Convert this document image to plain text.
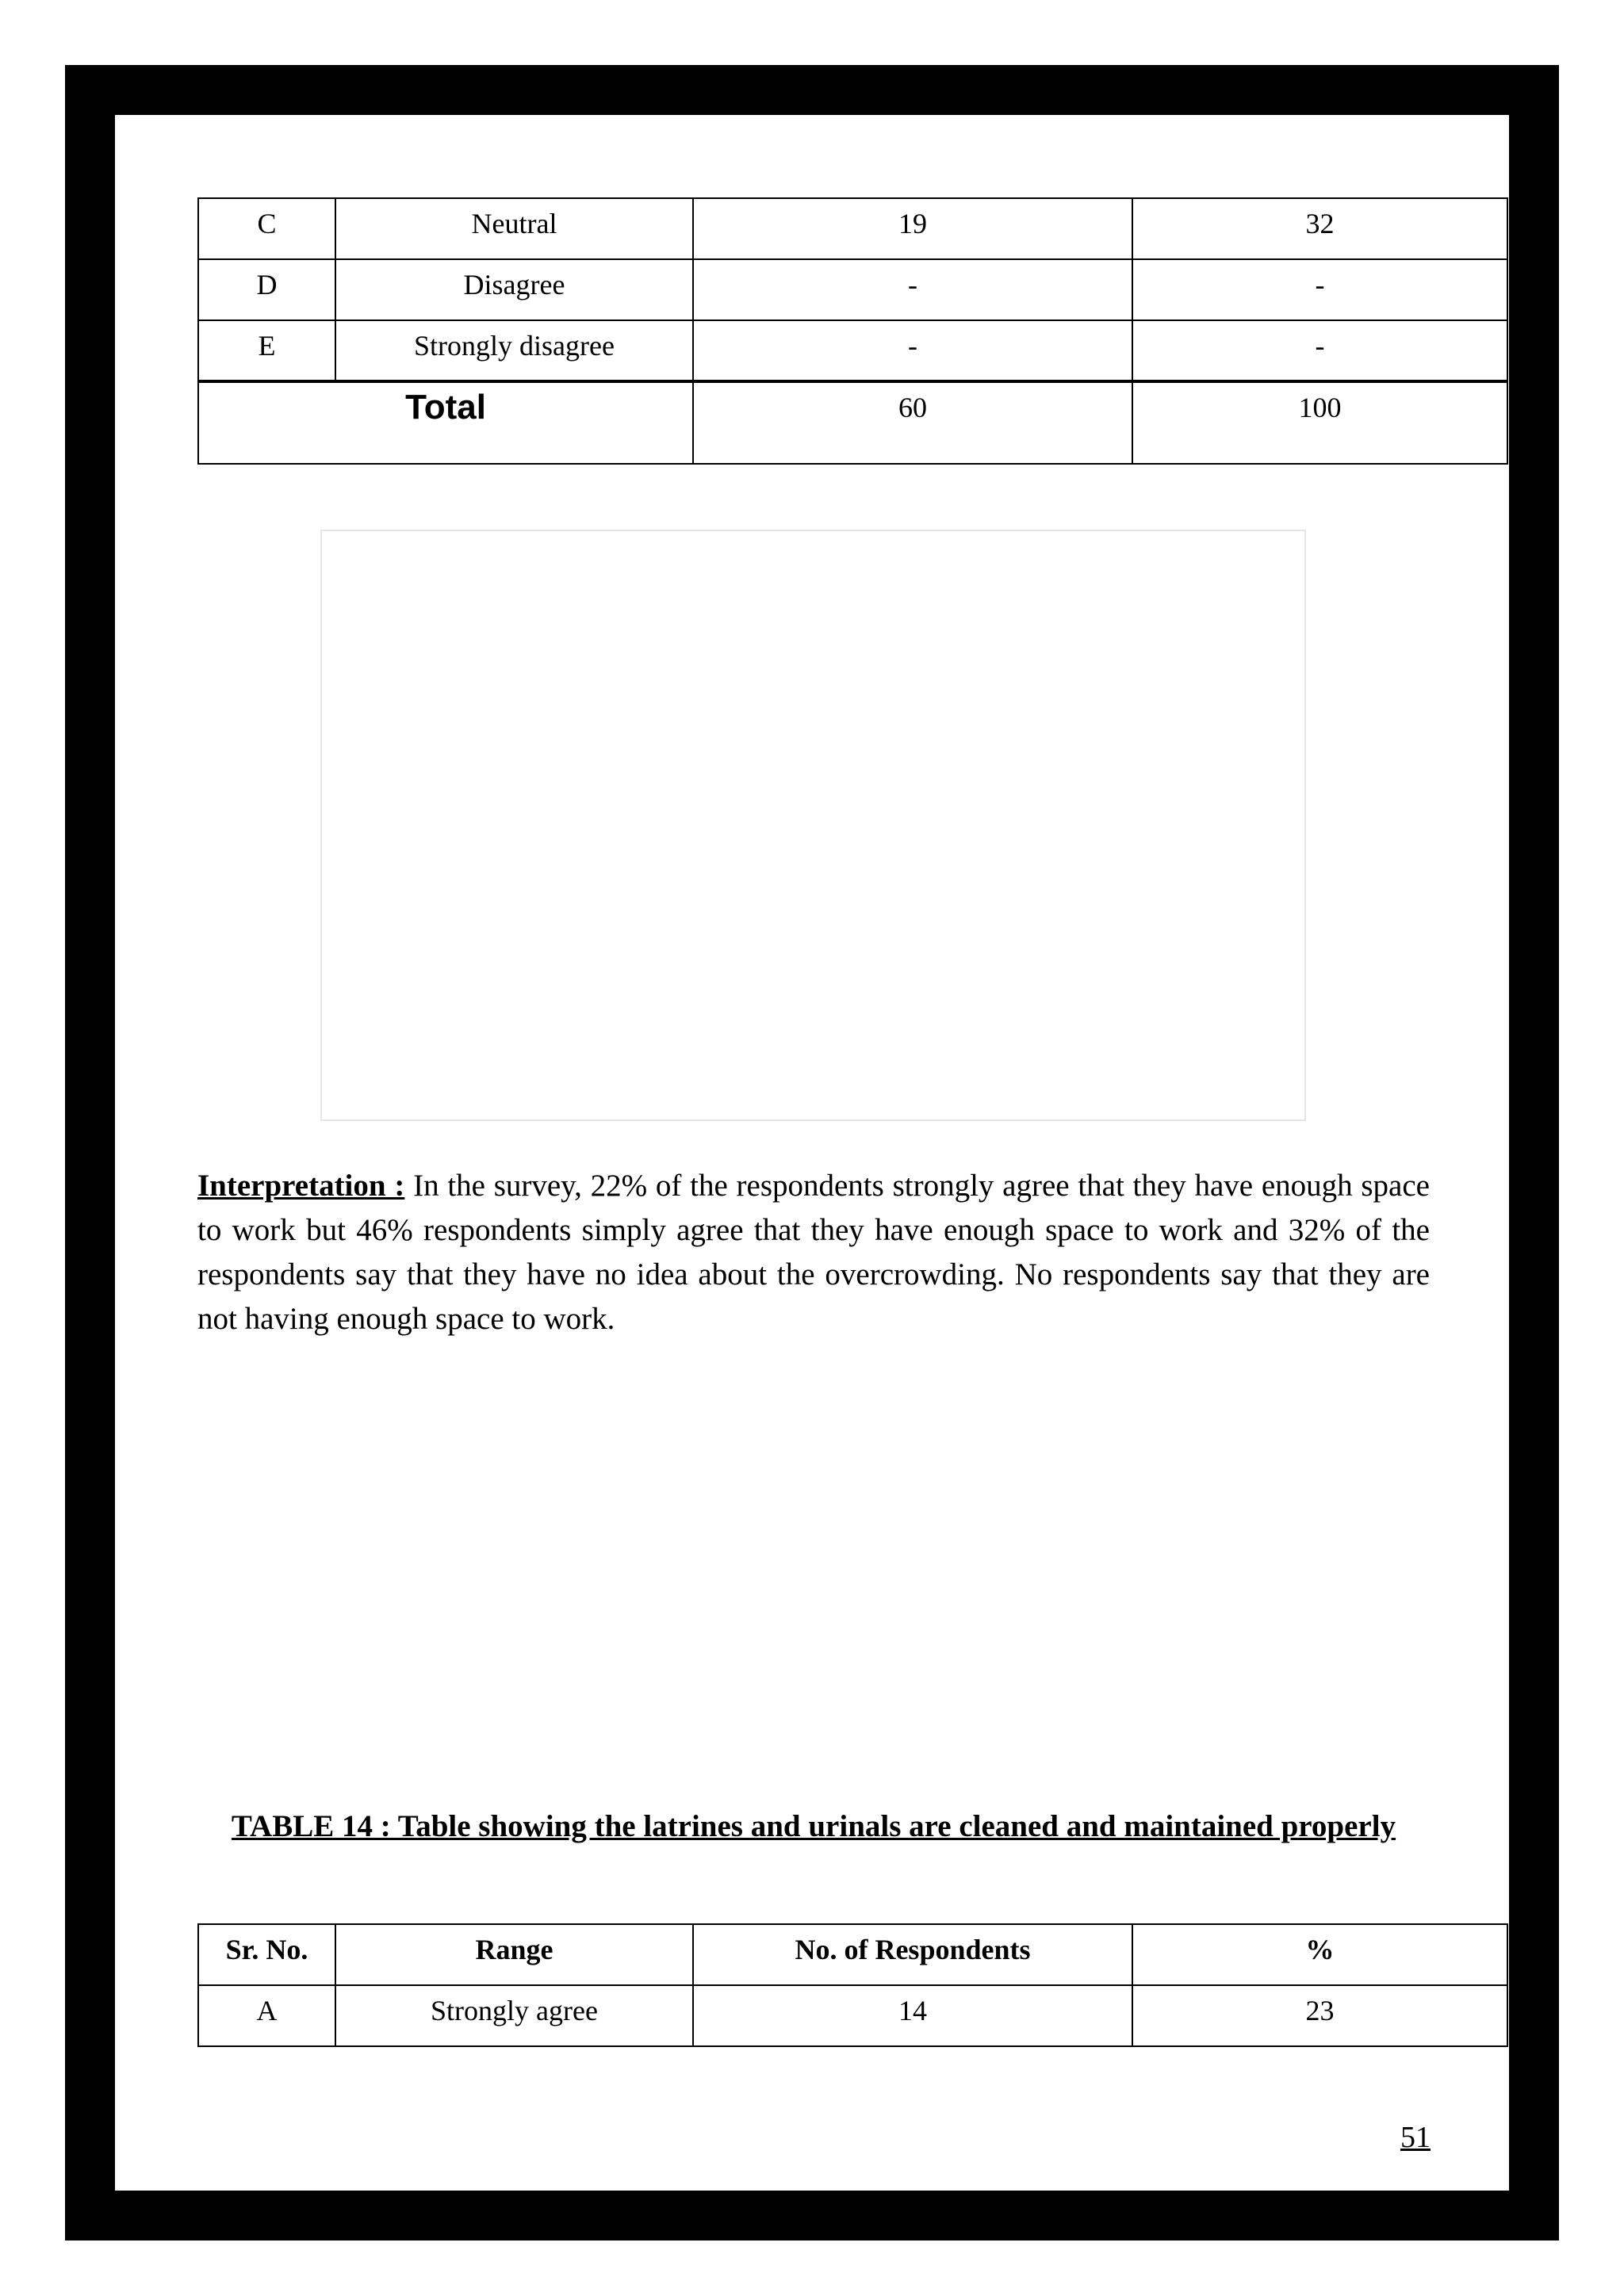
C	Neutral	19	32
D	Disagree	-	-
E	Strongly disagree	-	-
Total		60	100

Interpretation : In the survey, 22% of the respondents strongly agree that they have enough space to work but 46% respondents simply agree that they have enough space to work and 32% of the respondents say that they have no idea about the overcrowding. No respondents say that they are not having enough space to work.

TABLE 14 : Table showing the latrines and urinals are cleaned and maintained properly

Sr. No.	Range	No. of Respondents	%
A	Strongly agree	14	23

51
